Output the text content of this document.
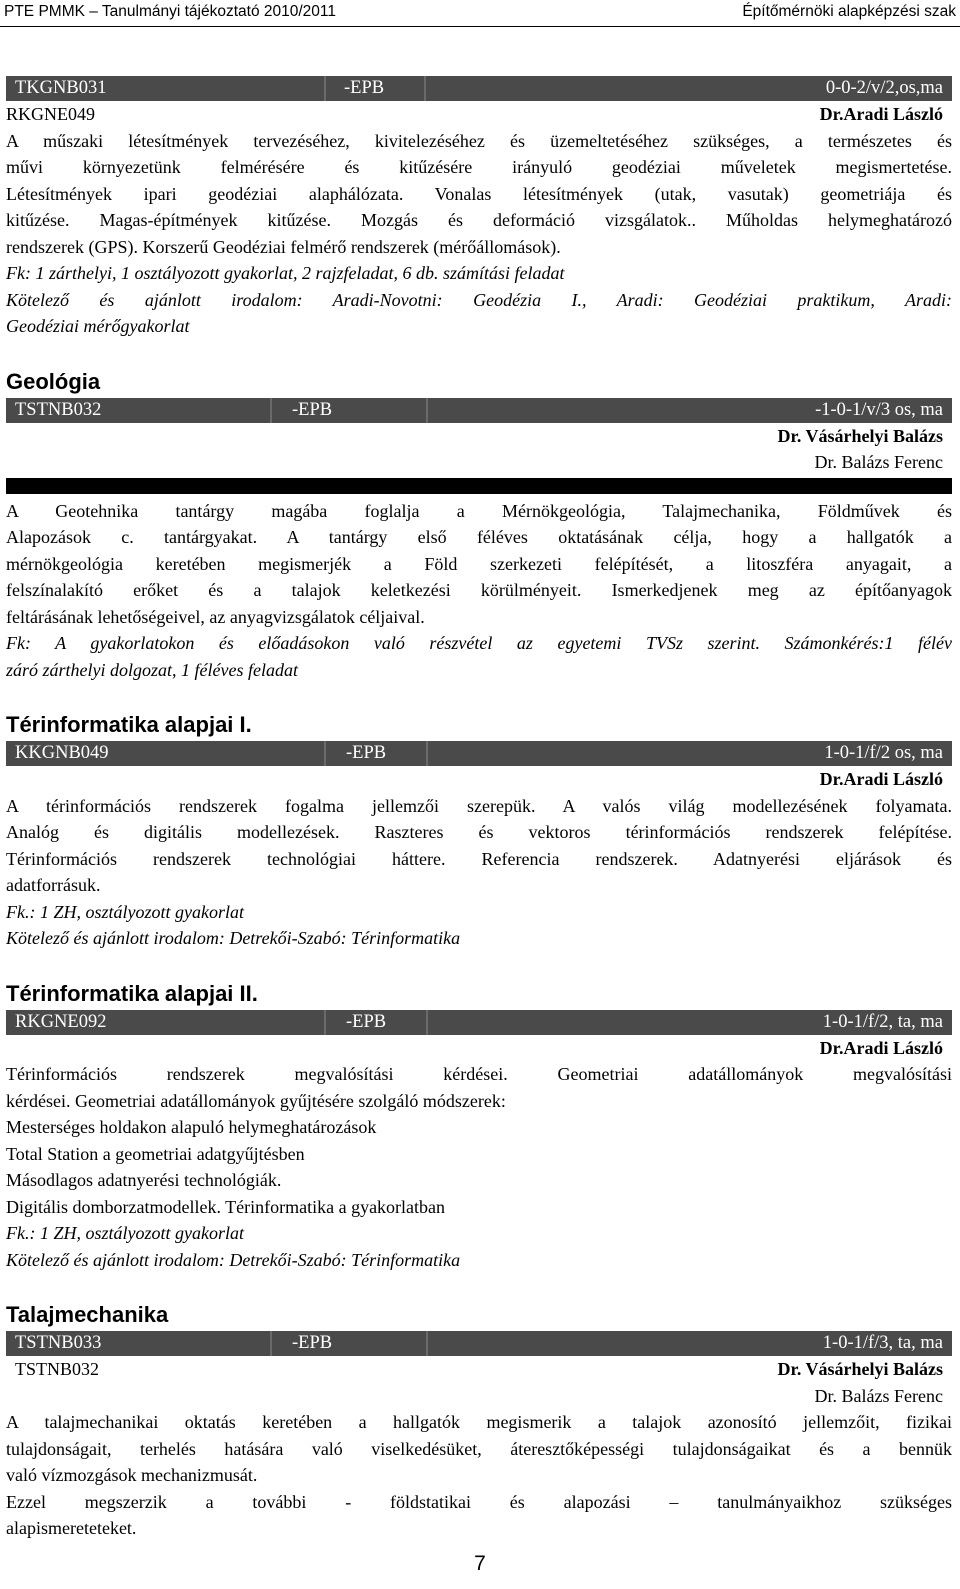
PTE PMMK – Tanulmányi tájékoztató 2010/2011	Építőmérnöki alapképzési szak
TKGNB031	-EPB	0-0-2/v/2,os,ma
RKGNE049	Dr.Aradi László
A műszaki létesítmények tervezéséhez, kivitelezéséhez és üzemeltetéséhez szükséges, a természetes és
művi környezetünk felmérésére és kitűzésére irányuló geodéziai műveletek megismertetése.
Létesítmények ipari geodéziai alaphálózata. Vonalas létesítmények (utak, vasutak) geometriája és
kitűzése. Magas-építmények kitűzése. Mozgás és deformáció vizsgálatok.. Műholdas helymeghatározó
rendszerek (GPS). Korszerű Geodéziai felmérő rendszerek (mérőállomások).
Fk: 1 zárthelyi, 1 osztályozott gyakorlat, 2 rajzfeladat, 6 db. számítási feladat
Kötelező és ajánlott irodalom: Aradi-Novotni: Geodézia I., Aradi: Geodéziai praktikum, Aradi:
Geodéziai mérőgyakorlat
Geológia
TSTNB032	-EPB	-1-0-1/v/3 os, ma
Dr. Vásárhelyi Balázs
Dr. Balázs Ferenc
A Geotehnika tantárgy magába foglalja a Mérnökgeológia, Talajmechanika, Földművek és
Alapozások c. tantárgyakat. A tantárgy első féléves oktatásának célja, hogy a hallgatók a
mérnökgeológia keretében megismerjék a Föld szerkezeti felépítését, a litoszféra anyagait, a
felszínalakító erőket és a talajok keletkezési körülményeit. Ismerkedjenek meg az építőanyagok
feltárásának lehetőségeivel, az anyagvizsgálatok céljaival.
Fk: A gyakorlatokon és előadásokon való részvétel az egyetemi TVSz szerint. Számonkérés:1 félév
záró zárthelyi dolgozat, 1 féléves feladat
Térinformatika alapjai I.
KKGNB049	-EPB	1-0-1/f/2 os, ma
Dr.Aradi László
A térinformációs rendszerek fogalma jellemzői szerepük. A valós világ modellezésének folyamata.
Analóg és digitális modellezések. Raszteres és vektoros térinformációs rendszerek felépítése.
Térinformációs rendszerek technológiai háttere. Referencia rendszerek. Adatnyerési eljárások és
adatforrásuk.
Fk.: 1 ZH, osztályozott gyakorlat
Kötelező és ajánlott irodalom: Detrekői-Szabó: Térinformatika
Térinformatika alapjai II.
RKGNE092	-EPB	1-0-1/f/2, ta, ma
Dr.Aradi László
Térinformációs rendszerek megvalósítási kérdései. Geometriai adatállományok megvalósítási
kérdései. Geometriai adatállományok gyűjtésére szolgáló módszerek:
Mesterséges holdakon alapuló helymeghatározások
Total Station a geometriai adatgyűjtésben
Másodlagos adatnyerési technológiák.
Digitális domborzatmodellek. Térinformatika a gyakorlatban
Fk.: 1 ZH, osztályozott gyakorlat
Kötelező és ajánlott irodalom: Detrekői-Szabó: Térinformatika
Talajmechanika
TSTNB033	-EPB	1-0-1/f/3, ta, ma
TSTNB032	Dr. Vásárhelyi Balázs
Dr. Balázs Ferenc
A talajmechanikai oktatás keretében a hallgatók megismerik a talajok azonosító jellemzőit, fizikai
tulajdonságait, terhelés hatására való viselkedésüket, áteresztőképességi tulajdonságaikat és a bennük
való vízmozgások mechanizmusát.
Ezzel megszerzik a további - földstatikai és alapozási – tanulmányaikhoz szükséges
alapismereteteket.
7
